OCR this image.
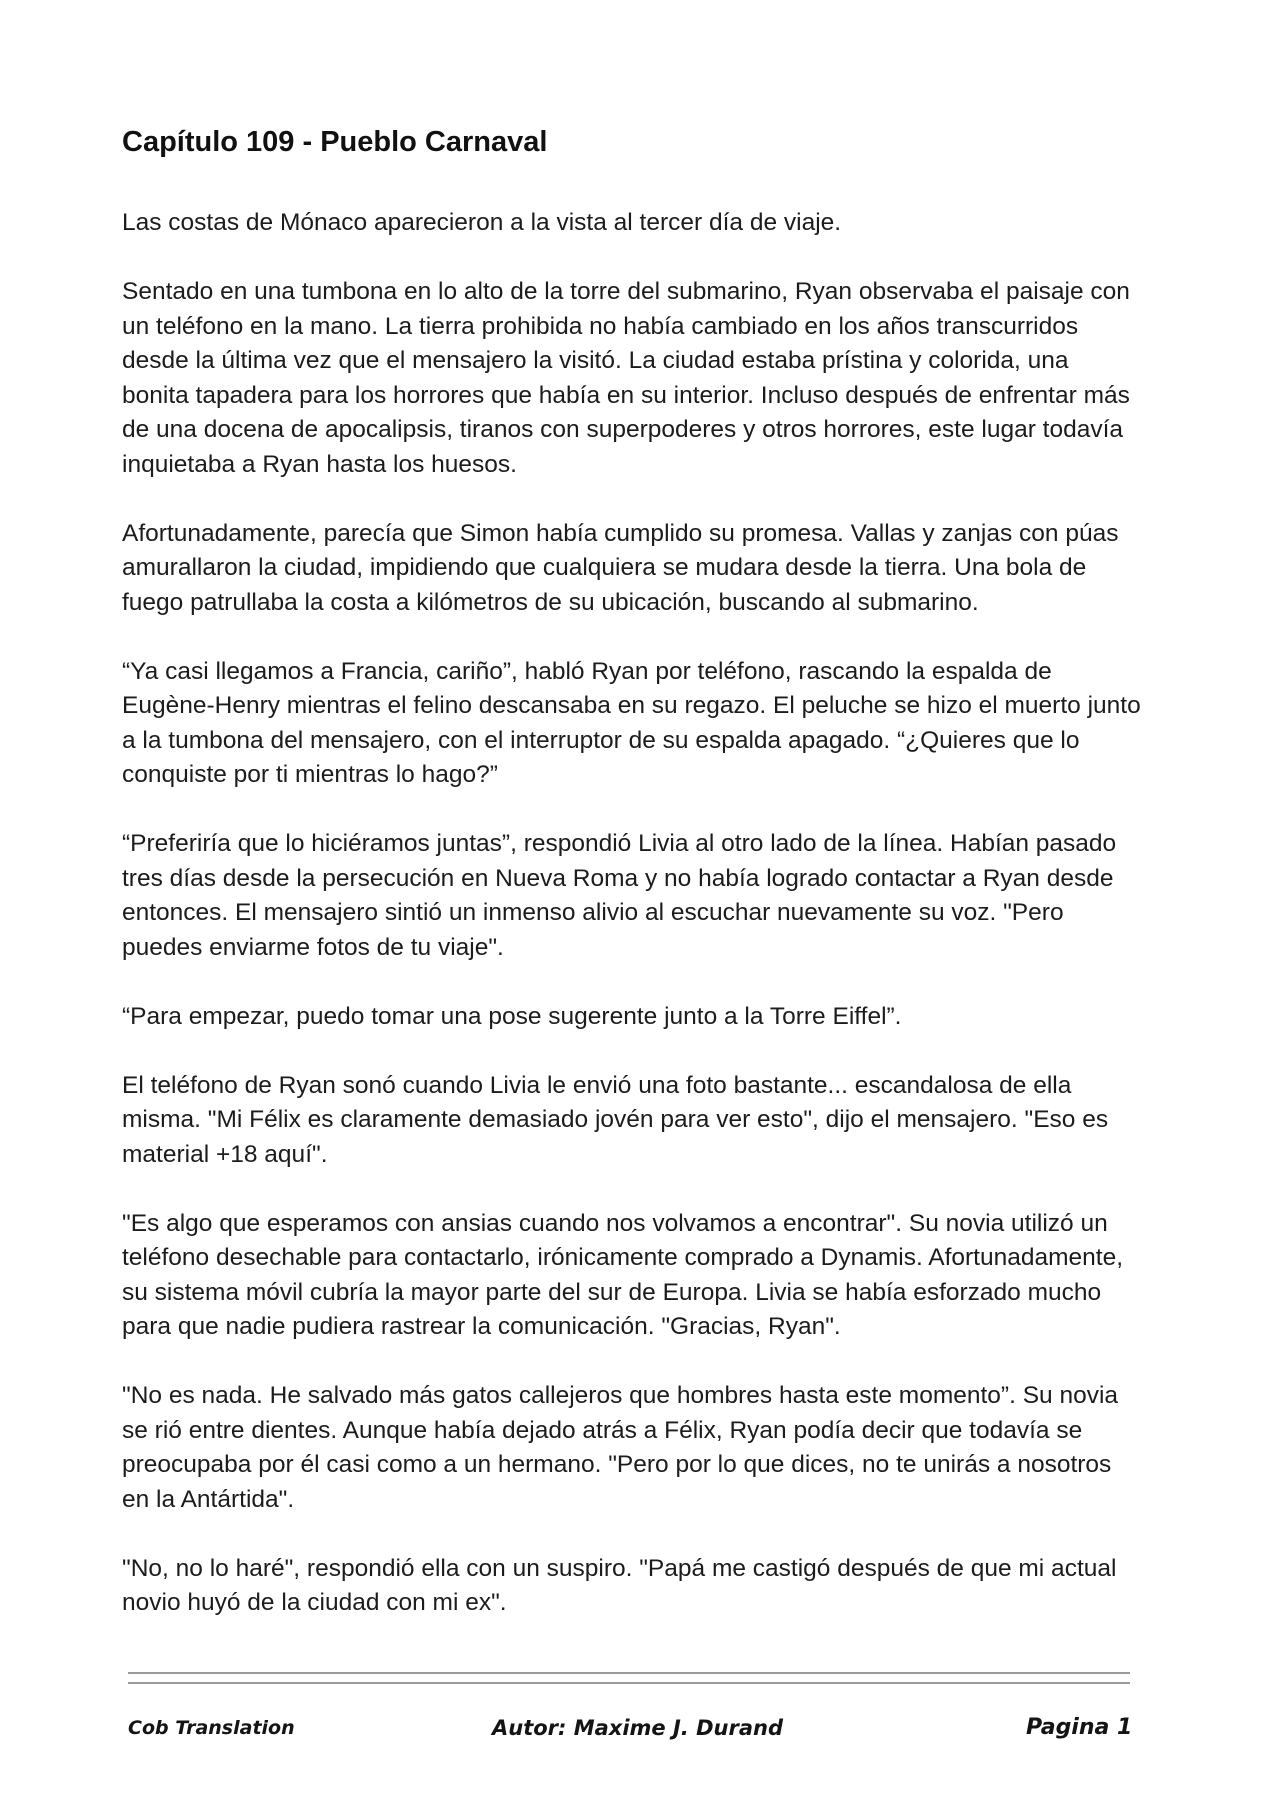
Capítulo 109 - Pueblo Carnaval

Las costas de Mónaco aparecieron a la vista al tercer día de viaje.

Sentado en una tumbona en lo alto de la torre del submarino, Ryan observaba el paisaje con un teléfono en la mano. La tierra prohibida no había cambiado en los años transcurridos desde la última vez que el mensajero la visitó. La ciudad estaba prístina y colorida, una bonita tapadera para los horrores que había en su interior. Incluso después de enfrentar más de una docena de apocalipsis, tiranos con superpoderes y otros horrores, este lugar todavía inquietaba a Ryan hasta los huesos.

Afortunadamente, parecía que Simon había cumplido su promesa. Vallas y zanjas con púas amurallaron la ciudad, impidiendo que cualquiera se mudara desde la tierra. Una bola de fuego patrullaba la costa a kilómetros de su ubicación, buscando al submarino.

“Ya casi llegamos a Francia, cariño”, habló Ryan por teléfono, rascando la espalda de Eugène-Henry mientras el felino descansaba en su regazo. El peluche se hizo el muerto junto a la tumbona del mensajero, con el interruptor de su espalda apagado. “¿Quieres que lo conquiste por ti mientras lo hago?”

“Preferiría que lo hiciéramos juntas”, respondió Livia al otro lado de la línea. Habían pasado tres días desde la persecución en Nueva Roma y no había logrado contactar a Ryan desde entonces. El mensajero sintió un inmenso alivio al escuchar nuevamente su voz. "Pero puedes enviarme fotos de tu viaje".

“Para empezar, puedo tomar una pose sugerente junto a la Torre Eiffel”.

El teléfono de Ryan sonó cuando Livia le envió una foto bastante... escandalosa de ella misma. "Mi Félix es claramente demasiado jovén para ver esto", dijo el mensajero. "Eso es material +18 aquí".

"Es algo que esperamos con ansias cuando nos volvamos a encontrar". Su novia utilizó un teléfono desechable para contactarlo, irónicamente comprado a Dynamis. Afortunadamente, su sistema móvil cubría la mayor parte del sur de Europa. Livia se había esforzado mucho para que nadie pudiera rastrear la comunicación. "Gracias, Ryan".

"No es nada. He salvado más gatos callejeros que hombres hasta este momento”. Su novia se rió entre dientes. Aunque había dejado atrás a Félix, Ryan podía decir que todavía se preocupaba por él casi como a un hermano. "Pero por lo que dices, no te unirás a nosotros en la Antártida".

"No, no lo haré", respondió ella con un suspiro. "Papá me castigó después de que mi actual novio huyó de la ciudad con mi ex".

Cob Translation	Autor: Maxime J. Durand	Pagina 1
